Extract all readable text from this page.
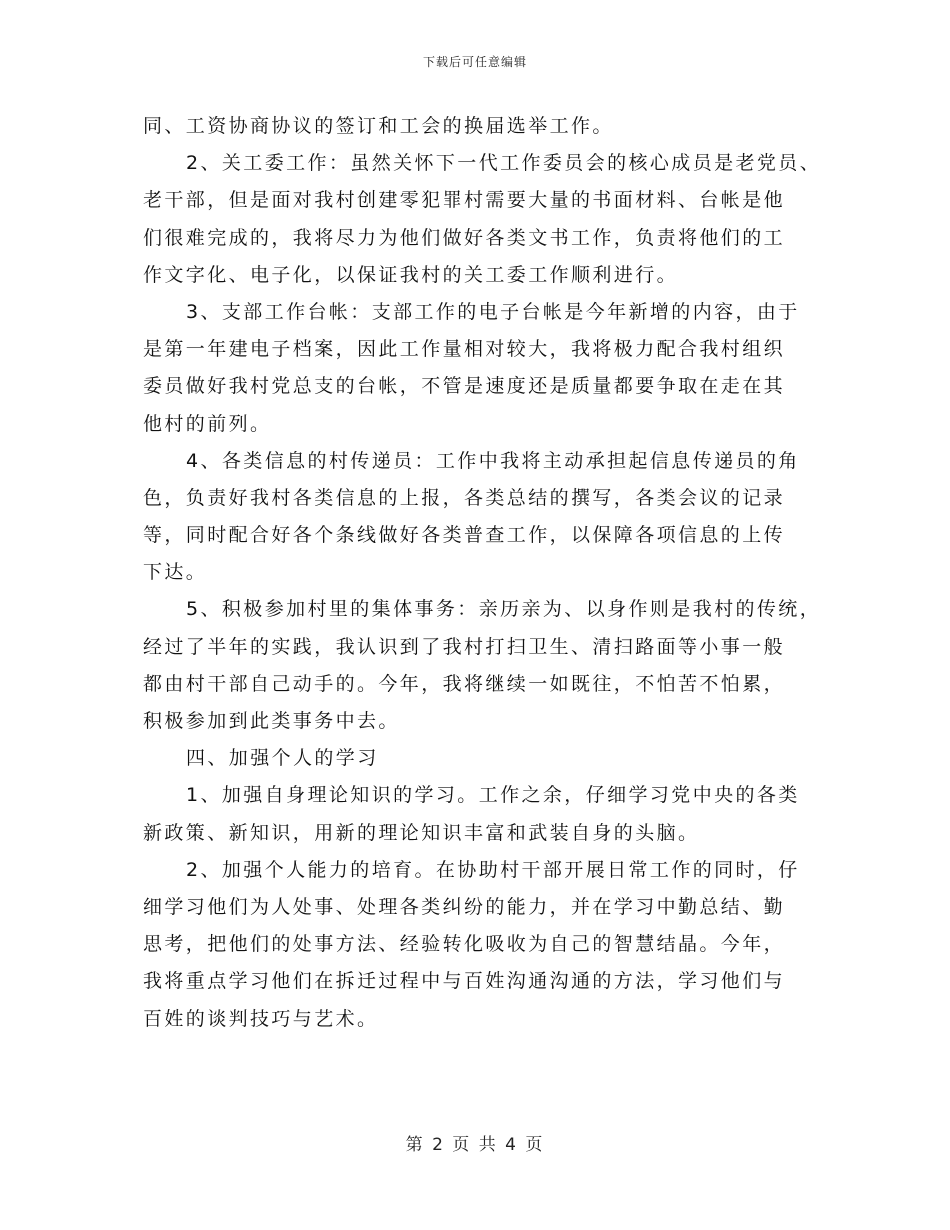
下载后可任意编辑
同、工资协商协议的签订和工会的换届选举工作。
2、关工委工作：虽然关怀下一代工作委员会的核心成员是老党员、
老干部，但是面对我村创建零犯罪村需要大量的书面材料、台帐是他
们很难完成的，我将尽力为他们做好各类文书工作，负责将他们的工
作文字化、电子化，以保证我村的关工委工作顺利进行。
3、支部工作台帐：支部工作的电子台帐是今年新增的内容，由于
是第一年建电子档案，因此工作量相对较大，我将极力配合我村组织
委员做好我村党总支的台帐，不管是速度还是质量都要争取在走在其
他村的前列。
4、各类信息的村传递员：工作中我将主动承担起信息传递员的角
色，负责好我村各类信息的上报，各类总结的撰写，各类会议的记录
等，同时配合好各个条线做好各类普查工作，以保障各项信息的上传
下达。
5、积极参加村里的集体事务：亲历亲为、以身作则是我村的传统，
经过了半年的实践，我认识到了我村打扫卫生、清扫路面等小事一般
都由村干部自己动手的。今年，我将继续一如既往，不怕苦不怕累，
积极参加到此类事务中去。
四、加强个人的学习
1、加强自身理论知识的学习。工作之余，仔细学习党中央的各类
新政策、新知识，用新的理论知识丰富和武装自身的头脑。
2、加强个人能力的培育。在协助村干部开展日常工作的同时，仔
细学习他们为人处事、处理各类纠纷的能力，并在学习中勤总结、勤
思考，把他们的处事方法、经验转化吸收为自己的智慧结晶。今年，
我将重点学习他们在拆迁过程中与百姓沟通沟通的方法，学习他们与
百姓的谈判技巧与艺术。
第 2 页 共 4 页
